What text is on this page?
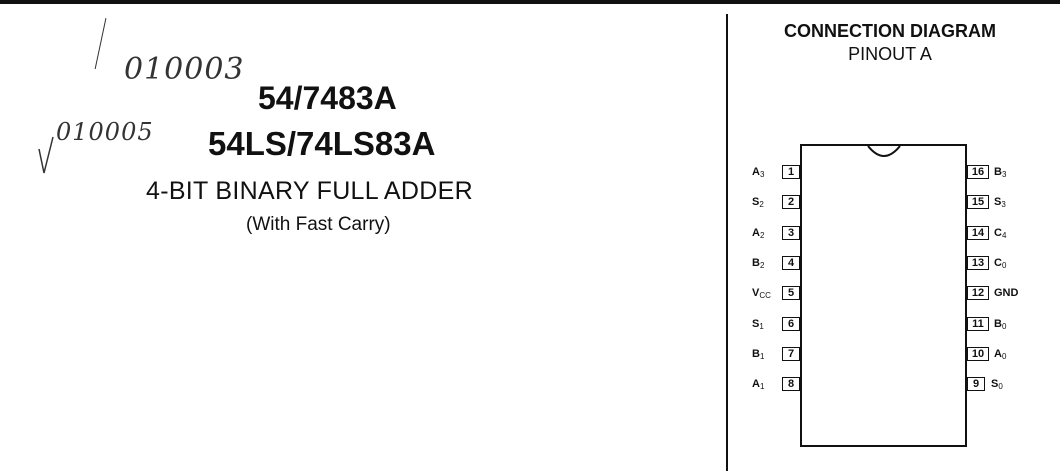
010003
010005
54/7483A
54LS/74LS83A
4-BIT BINARY FULL ADDER
(With Fast Carry)
CONNECTION DIAGRAM
PINOUT A
1
$A_3$
2
$S_2$
3
$A_2$
4
$B_2$
5
$V_{CC}$
6
$S_1$
7
$B_1$
8
$A_1$
16 $B_3$
15 $S_3$
14 $C_4$
13 $C_0$
12 GND
11 $B_0$
10 $A_0$
9	$S_0$
